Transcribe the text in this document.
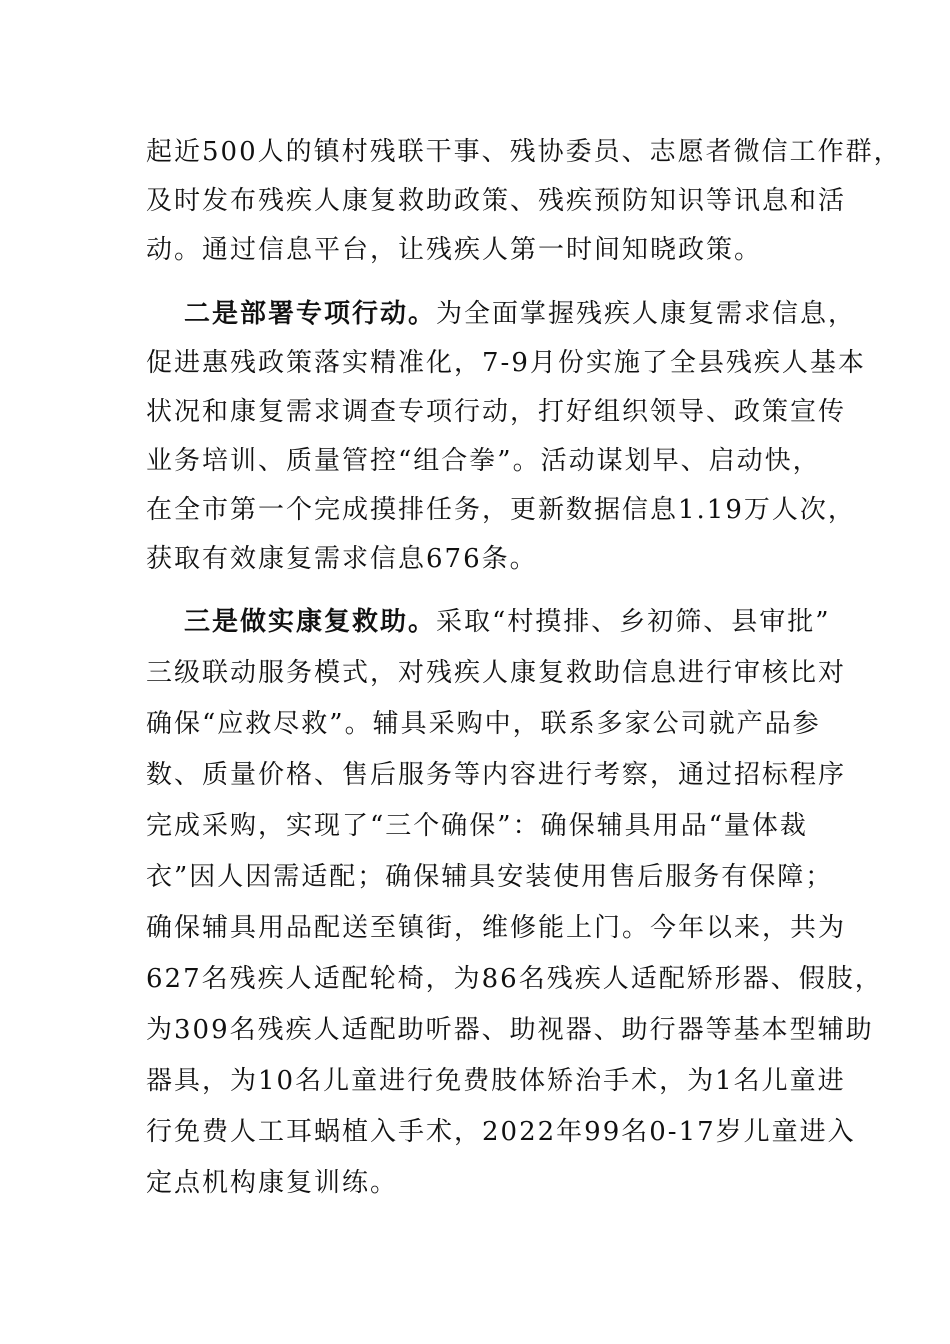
起近500人的镇村残联干事、残协委员、志愿者微信工作群，
及时发布残疾人康复救助政策、残疾预防知识等讯息和活
动。通过信息平台，让残疾人第一时间知晓政策。
二是部署专项行动。为全面掌握残疾人康复需求信息，
促进惠残政策落实精准化，7-9月份实施了全县残疾人基本
状况和康复需求调查专项行动，打好组织领导、政策宣传
业务培训、质量管控“组合拳”。活动谋划早、启动快，
在全市第一个完成摸排任务，更新数据信息1.19万人次，
获取有效康复需求信息676条。
三是做实康复救助。采取“村摸排、乡初筛、县审批”
三级联动服务模式，对残疾人康复救助信息进行审核比对
确保“应救尽救”。辅具采购中，联系多家公司就产品参
数、质量价格、售后服务等内容进行考察，通过招标程序
完成采购，实现了“三个确保”：确保辅具用品“量体裁
衣”因人因需适配；确保辅具安装使用售后服务有保障；
确保辅具用品配送至镇街，维修能上门。今年以来，共为
627名残疾人适配轮椅，为86名残疾人适配矫形器、假肢，
为309名残疾人适配助听器、助视器、助行器等基本型辅助
器具，为10名儿童进行免费肢体矫治手术，为1名儿童进
行免费人工耳蜗植入手术，2022年99名0-17岁儿童进入
定点机构康复训练。
